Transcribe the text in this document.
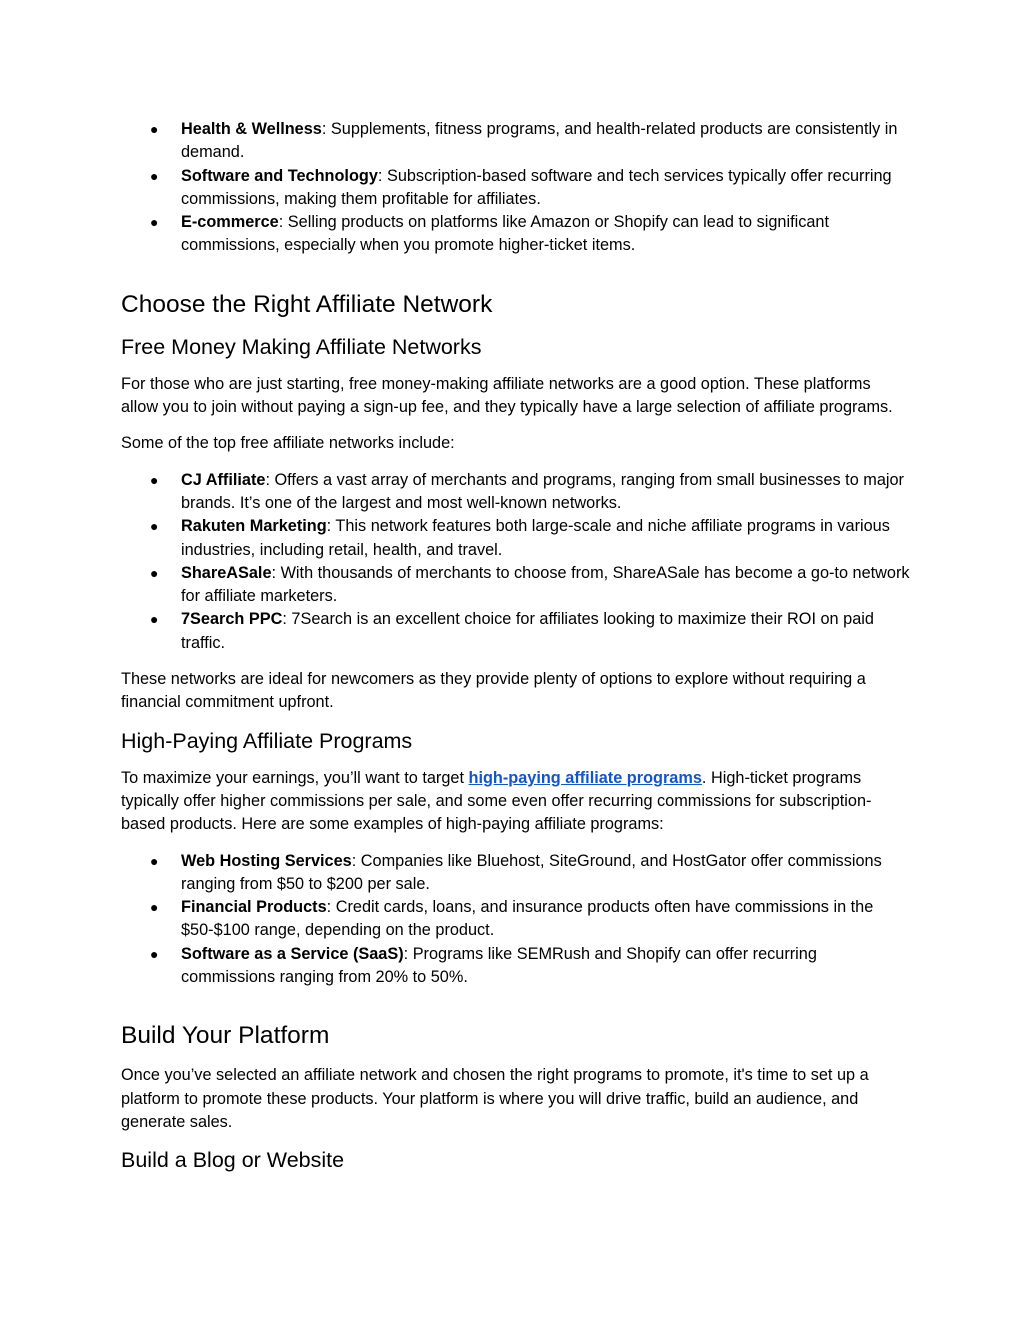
● Health & Wellness: Supplements, fitness programs, and health-related products are consistently in demand.
● Software and Technology: Subscription-based software and tech services typically offer recurring commissions, making them profitable for affiliates.
● E-commerce: Selling products on platforms like Amazon or Shopify can lead to significant commissions, especially when you promote higher-ticket items.
Choose the Right Affiliate Network
Free Money Making Affiliate Networks

For those who are just starting, free money-making affiliate networks are a good option. These platforms allow you to join without paying a sign-up fee, and they typically have a large selection of affiliate programs.

Some of the top free affiliate networks include:

● CJ Affiliate: Offers a vast array of merchants and programs, ranging from small businesses to major brands. It’s one of the largest and most well-known networks.
● Rakuten Marketing: This network features both large-scale and niche affiliate programs in various industries, including retail, health, and travel.
● ShareASale: With thousands of merchants to choose from, ShareASale has become a go-to network for affiliate marketers.
● 7Search PPC: 7Search is an excellent choice for affiliates looking to maximize their ROI on paid traffic.

These networks are ideal for newcomers as they provide plenty of options to explore without requiring a financial commitment upfront.

High-Paying Affiliate Programs

To maximize your earnings, you’ll want to target high-paying affiliate programs. High-ticket programs typically offer higher commissions per sale, and some even offer recurring commissions for subscription-based products. Here are some examples of high-paying affiliate programs:

● Web Hosting Services: Companies like Bluehost, SiteGround, and HostGator offer commissions ranging from $50 to $200 per sale.
● Financial Products: Credit cards, loans, and insurance products often have commissions in the $50-$100 range, depending on the product.
● Software as a Service (SaaS): Programs like SEMRush and Shopify can offer recurring commissions ranging from 20% to 50%.
Build Your Platform

Once you’ve selected an affiliate network and chosen the right programs to promote, it's time to set up a platform to promote these products. Your platform is where you will drive traffic, build an audience, and generate sales.

Build a Blog or Website
